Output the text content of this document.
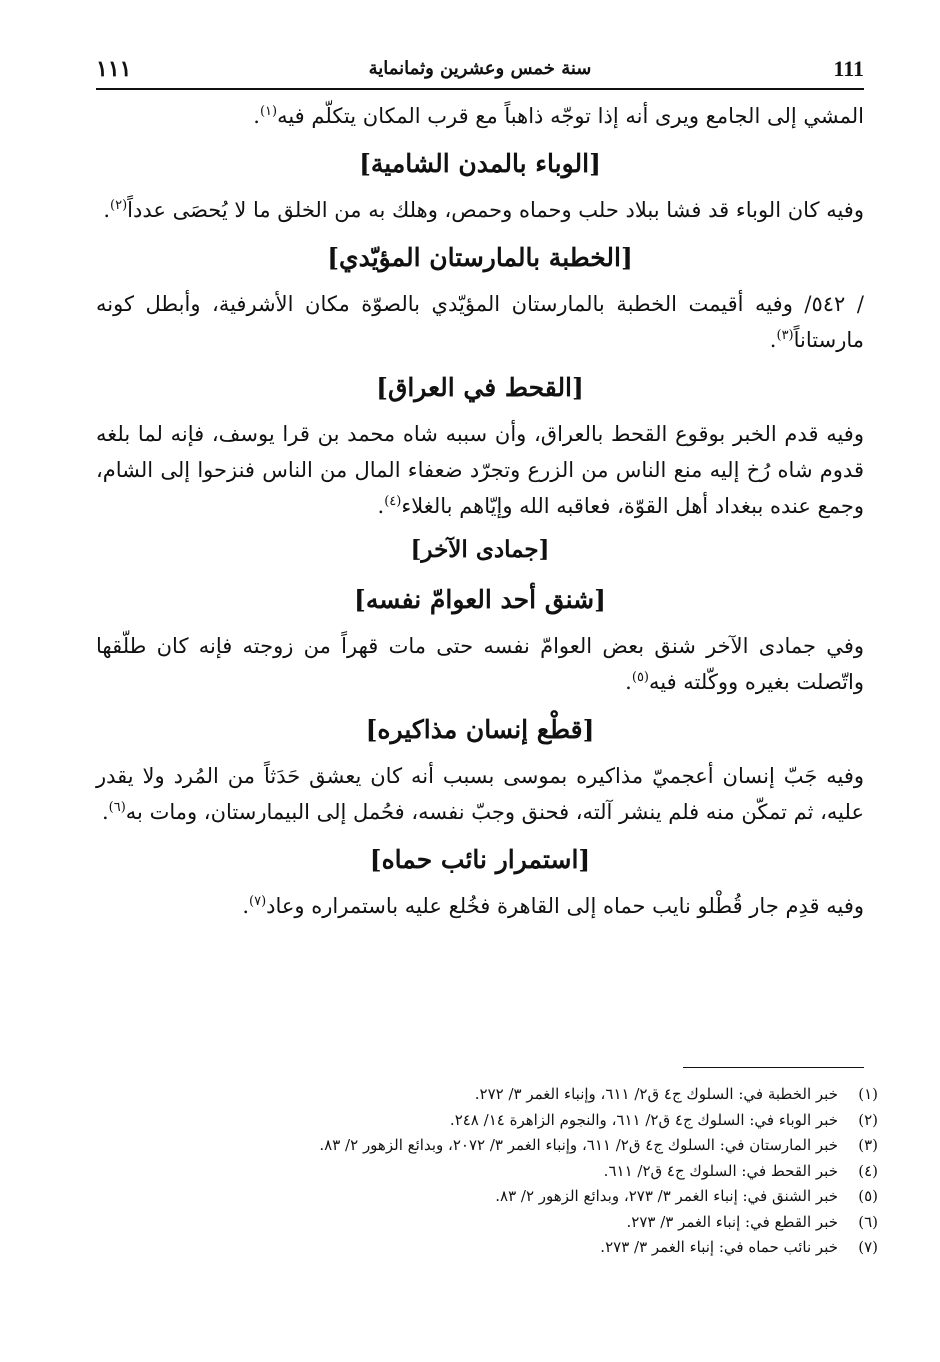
١١١	سنة خمس وعشرين وثمانماية	111

المشي إلى الجامع ويرى أنه إذا توجّه ذاهباً مع قرب المكان يتكلّم فيه$^{(١)}$.

[الوباء بالمدن الشامية]

وفيه كان الوباء قد فشا ببلاد حلب وحماه وحمص، وهلك به من الخلق ما لا يُحصَى عدداً$^{(٢)}$.

[الخطبة بالمارستان المؤيّدي]

/ ٥٤٢/ وفيه أقيمت الخطبة بالمارستان المؤيّدي بالصوّة مكان الأشرفية، وأبطل كونه مارستاناً$^{(٣)}$.

[القحط في العراق]

وفيه قدم الخبر بوقوع القحط بالعراق، وأن سببه شاه محمد بن قرا يوسف، فإنه لما بلغه قدوم شاه رُخ إليه منع الناس من الزرع وتجرّد ضعفاء المال من الناس فنزحوا إلى الشام، وجمع عنده ببغداد أهل القوّة، فعاقبه الله وإيّاهم بالغلاء$^{(٤)}$.

[جمادى الآخر]
[شنق أحد العوامّ نفسه]

وفي جمادى الآخر شنق بعض العوامّ نفسه حتى مات قهراً من زوجته فإنه كان طلّقها واتّصلت بغيره ووكّلته فيه$^{(٥)}$.

[قطْع إنسان مذاكيره]

وفيه جَبّ إنسان أعجميّ مذاكيره بموسى بسبب أنه كان يعشق حَدَثاً من المُرد ولا يقدر عليه، ثم تمكّن منه فلم ينشر آلته، فحنق وجبّ نفسه، فحُمل إلى البيمارستان، ومات به$^{(٦)}$.

[استمرار نائب حماه]

وفيه قدِم جار قُطْلو نايب حماه إلى القاهرة فخُلع عليه باستمراره وعاد$^{(٧)}$.

(١)
خبر الخطبة في: السلوك ج٤ ق٢/ ٦١١، وإنباء الغمر ٣/ ٢٧٢.
(٢)
خبر الوباء في: السلوك ج٤ ق٢/ ٦١١، والنجوم الزاهرة ١٤/ ٢٤٨.
(٣)
خبر المارستان في: السلوك ج٤ ق٢/ ٦١١، وإنباء الغمر ٣/ ٢٠٧٢، وبدائع الزهور ٢/ ٨٣.
(٤)
خبر القحط في: السلوك ج٤ ق٢/ ٦١١.
(٥)
خبر الشنق في: إنباء الغمر ٣/ ٢٧٣، وبدائع الزهور ٢/ ٨٣.
(٦)
خبر القطع في: إنباء الغمر ٣/ ٢٧٣.
(٧)
خبر نائب حماه في: إنباء الغمر ٣/ ٢٧٣.
